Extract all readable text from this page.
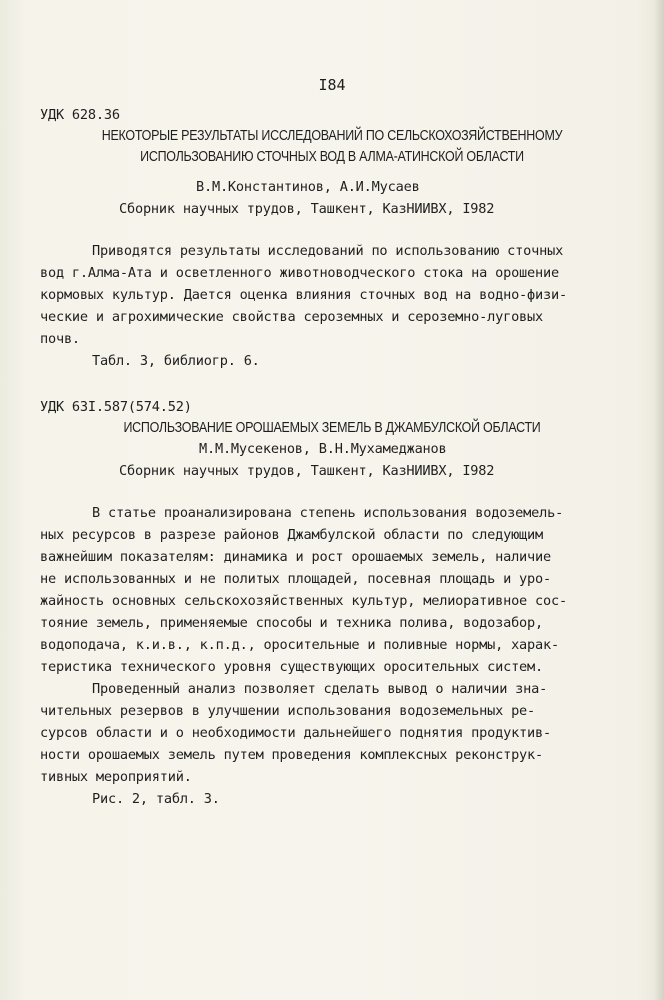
I84
УДК 628.36
НЕКОТОРЫЕ РЕЗУЛЬТАТЫ ИССЛЕДОВАНИЙ ПО СЕЛЬСКОХОЗЯЙСТВЕННОМУ
ИСПОЛЬЗОВАНИЮ СТОЧНЫХ ВОД В АЛМА-АТИНСКОЙ ОБЛАСТИ
В.М.Константинов, А.И.Мусаев
Сборник научных трудов, Ташкент, КазНИИВХ, I982
Приводятся результаты исследований по использованию сточных
вод г.Алма-Ата и осветленного животноводческого стока на орошение
кормовых культур. Дается оценка влияния сточных вод на водно-физи-
ческие и агрохимические свойства сероземных и сероземно-луговых
почв.
Табл. 3, библиогр. 6.
УДК 63I.587(574.52)
ИСПОЛЬЗОВАНИЕ ОРОШАЕМЫХ ЗЕМЕЛЬ В ДЖАМБУЛСКОЙ ОБЛАСТИ
М.М.Мусекенов, В.Н.Мухамеджанов
Сборник научных трудов, Ташкент, КазНИИВХ, I982
В статье проанализирована степень использования водоземель-
ных ресурсов в разрезе районов Джамбулской области по следующим
важнейшим показателям: динамика и рост орошаемых земель, наличие
не использованных и не политых площадей, посевная площадь и уро-
жайность основных сельскохозяйственных культур, мелиоративное сос-
тояние земель, применяемые способы и техника полива, водозабор,
водоподача, к.и.в., к.п.д., оросительные и поливные нормы, харак-
теристика технического уровня существующих оросительных систем.
Проведенный анализ позволяет сделать вывод о наличии зна-
чительных резервов в улучшении использования водоземельных ре-
сурсов области и о необходимости дальнейшего поднятия продуктив-
ности орошаемых земель путем проведения комплексных реконструк-
тивных мероприятий.
Рис. 2, табл. 3.
